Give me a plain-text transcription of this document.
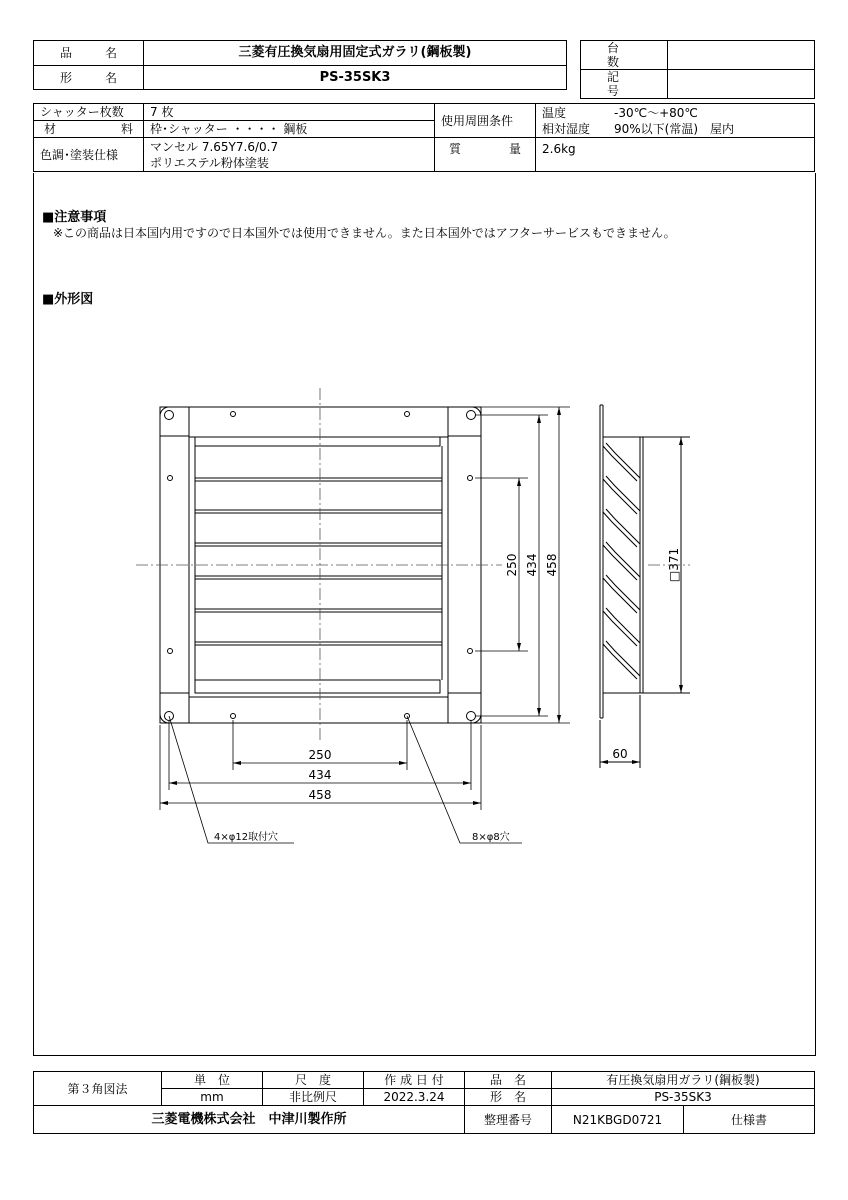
品　名	三菱有圧換気扇用固定式ガラリ(鋼板製)
形　名	PS-35SK3
台　数	
記　号	
シャッター枚数	7 枚	使用周囲条件	温度 -30℃～+80℃
相対湿度 90%以下(常温)　屋内

材　　料	枠･シャッター ・・・・ 鋼板		
色調･塗装仕様	マンセル 7.65Y7.6/0.7
ポリエステル粉体塗装	質　　量	2.6kg
■注意事項
※この商品は日本国内用ですので日本国外では使用できません。また日本国外ではアフターサービスもできません。
■外形図
250 434 458	□371
250
434
458
60
4×φ12取付穴	8×φ8穴
第３角図法	単　位	尺　度	作 成 日 付	品　名	有圧換気扇用ガラリ(鋼板製)	
	mm	非比例尺	2022.3.24	形　名	PS-35SK3	
三菱電機株式会社　中津川製作所				整理番号	N21KBGD0721	仕様書
